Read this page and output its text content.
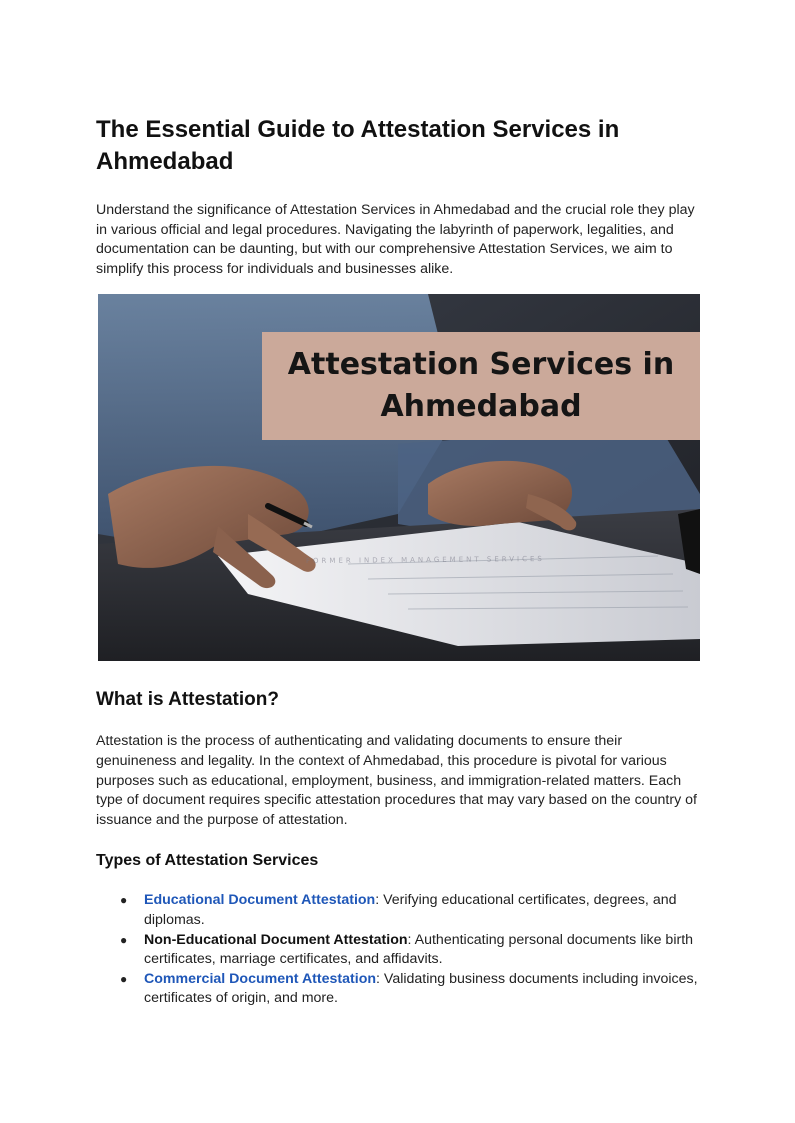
The Essential Guide to Attestation Services in Ahmedabad

Understand the significance of Attestation Services in Ahmedabad and the crucial role they play in various official and legal procedures. Navigating the labyrinth of paperwork, legalities, and documentation can be daunting, but with our comprehensive Attestation Services, we aim to simplify this process for individuals and businesses alike.

Attestation Services in Ahmedabad
FORMER INDEX MANAGEMENT SERVICES
What is Attestation?

Attestation is the process of authenticating and validating documents to ensure their genuineness and legality. In the context of Ahmedabad, this procedure is pivotal for various purposes such as educational, employment, business, and immigration-related matters. Each type of document requires specific attestation procedures that may vary based on the country of issuance and the purpose of attestation.

Types of Attestation Services
● Educational Document Attestation: Verifying educational certificates, degrees, and diplomas.
● Non-Educational Document Attestation: Authenticating personal documents like birth certificates, marriage certificates, and affidavits.
● Commercial Document Attestation: Validating business documents including invoices, certificates of origin, and more.
